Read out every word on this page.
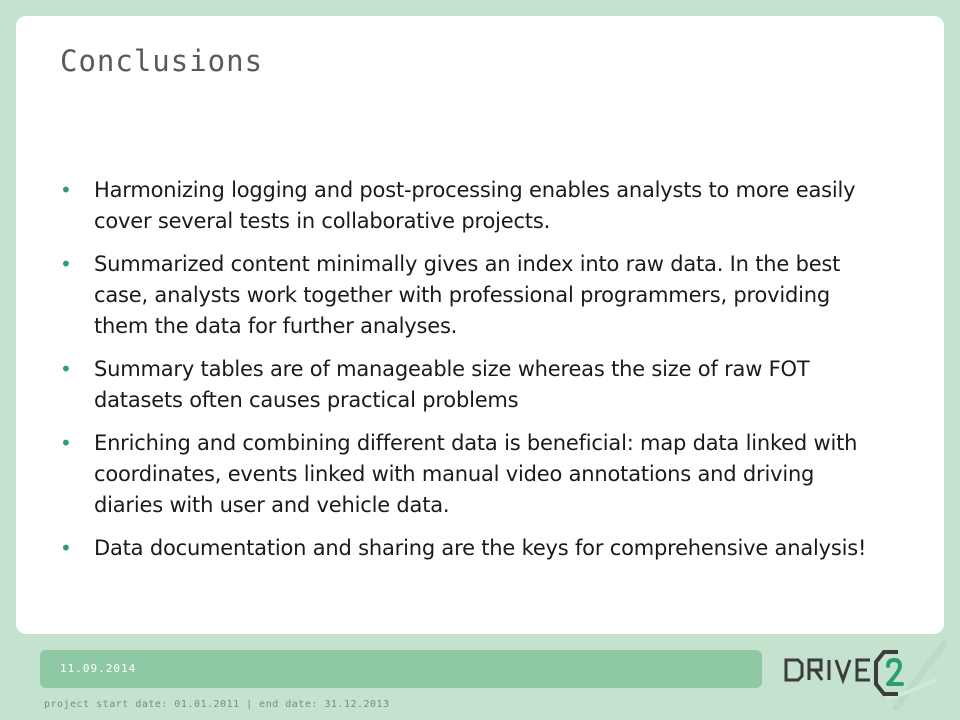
Conclusions
• Harmonizing logging and post-processing enables analysts to more easily cover several tests in collaborative projects.
• Summarized content minimally gives an index into raw data. In the best case, analysts work together with professional programmers, providing them the data for further analyses.
• Summary tables are of manageable size whereas the size of raw FOT datasets often causes practical problems
• Enriching and combining different data is beneficial: map data linked with coordinates, events linked with manual video annotations and driving diaries with user and vehicle data.
• Data documentation and sharing are the keys for comprehensive analysis!
11.09.2014
project start date: 01.01.2011 | end date: 31.12.2013
